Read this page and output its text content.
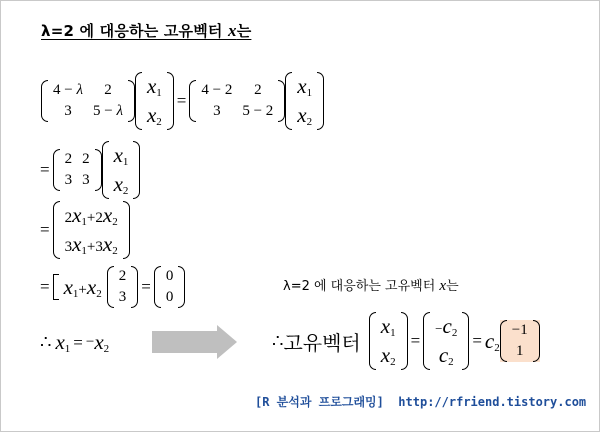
λ=2 에 대응하는 고유벡터 x는
4 − λ	2
3	5 − λ
$x_1$
$x_2$
=
4 − 2	2
3	5 − 2
$x_1$
$x_2$
=
2 2
3 3
$x_1$
$x_2$
=
$2x_1+2x_2$
$3x_1+3x_2$
= $x_1+x_2$
2
3
=
0
0
∴ $x_1$ = − $x_2$
λ=2 에 대응하는 고유벡터 x는
∴ 고유벡터
$x_1$
$x_2$
=
$-c_2$
$c_2$
= $c_2$
−1
1
[R 분석과 프로그래밍]  http://rfriend.tistory.com
